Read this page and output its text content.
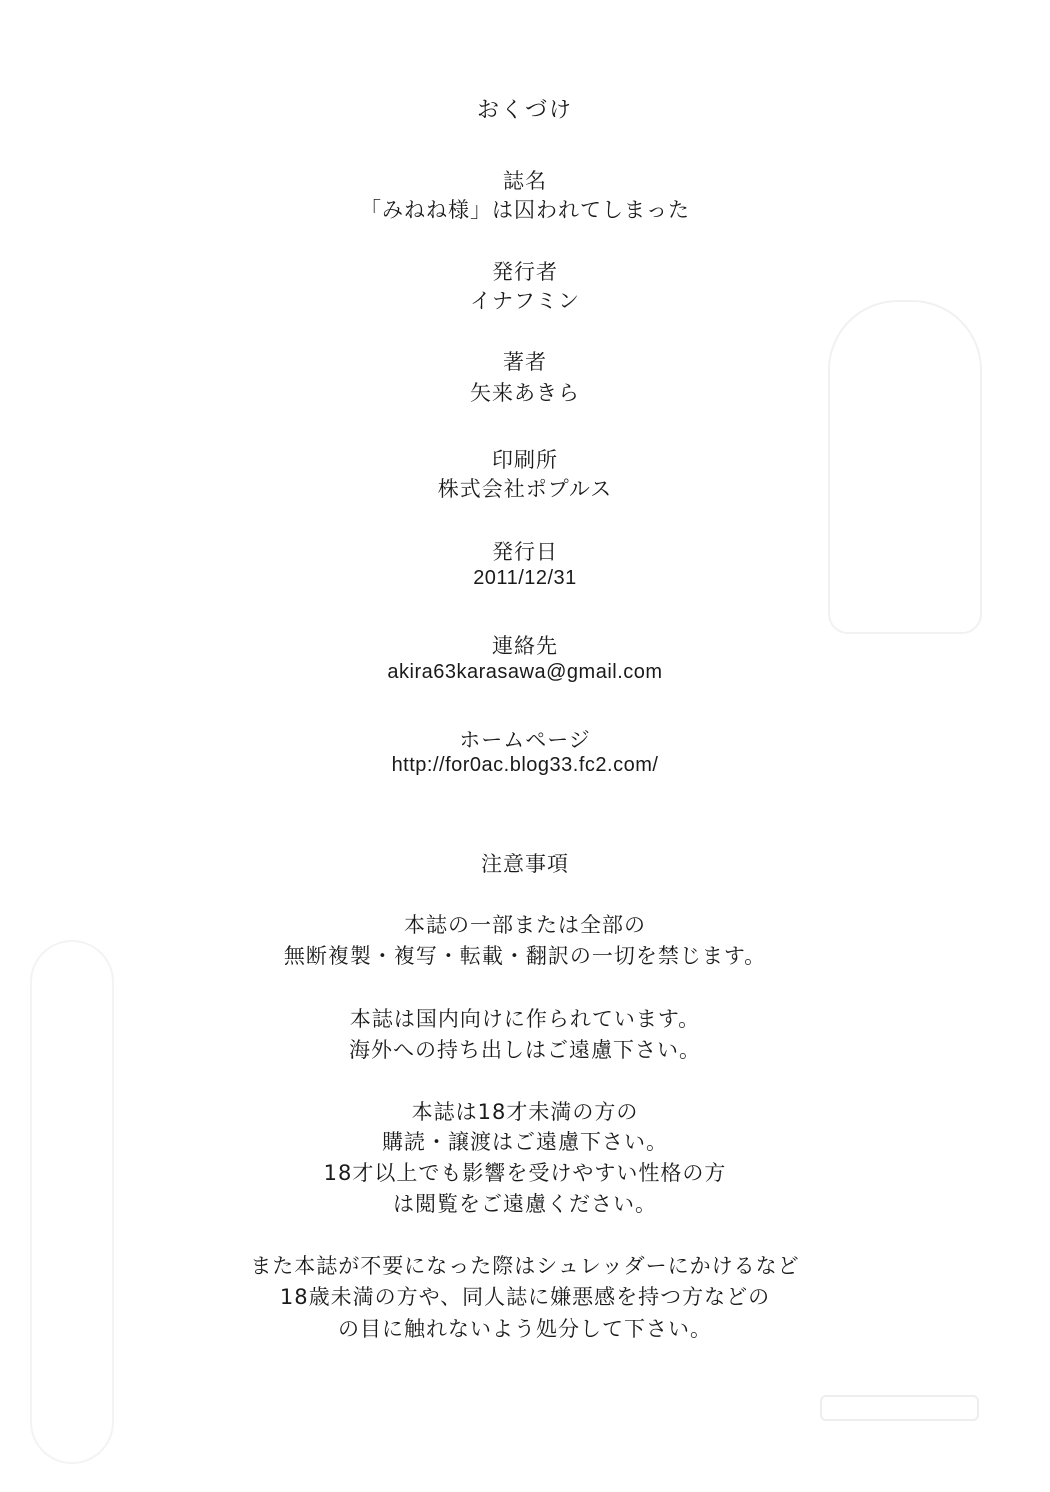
おくづけ
誌名
「みねね様」は囚われてしまった
発行者
イナフミン
著者
矢来あきら
印刷所
株式会社ポプルス
発行日
2011/12/31
連絡先
akira63karasawa@gmail.com
ホームページ
http://for0ac.blog33.fc2.com/
注意事項
本誌の一部または全部の
無断複製・複写・転載・翻訳の一切を禁じます。
本誌は国内向けに作られています。
海外への持ち出しはご遠慮下さい。
本誌は18才未満の方の
購読・譲渡はご遠慮下さい。
18才以上でも影響を受けやすい性格の方
は閲覧をご遠慮ください。
また本誌が不要になった際はシュレッダーにかけるなど
18歳未満の方や、同人誌に嫌悪感を持つ方などの
の目に触れないよう処分して下さい。
